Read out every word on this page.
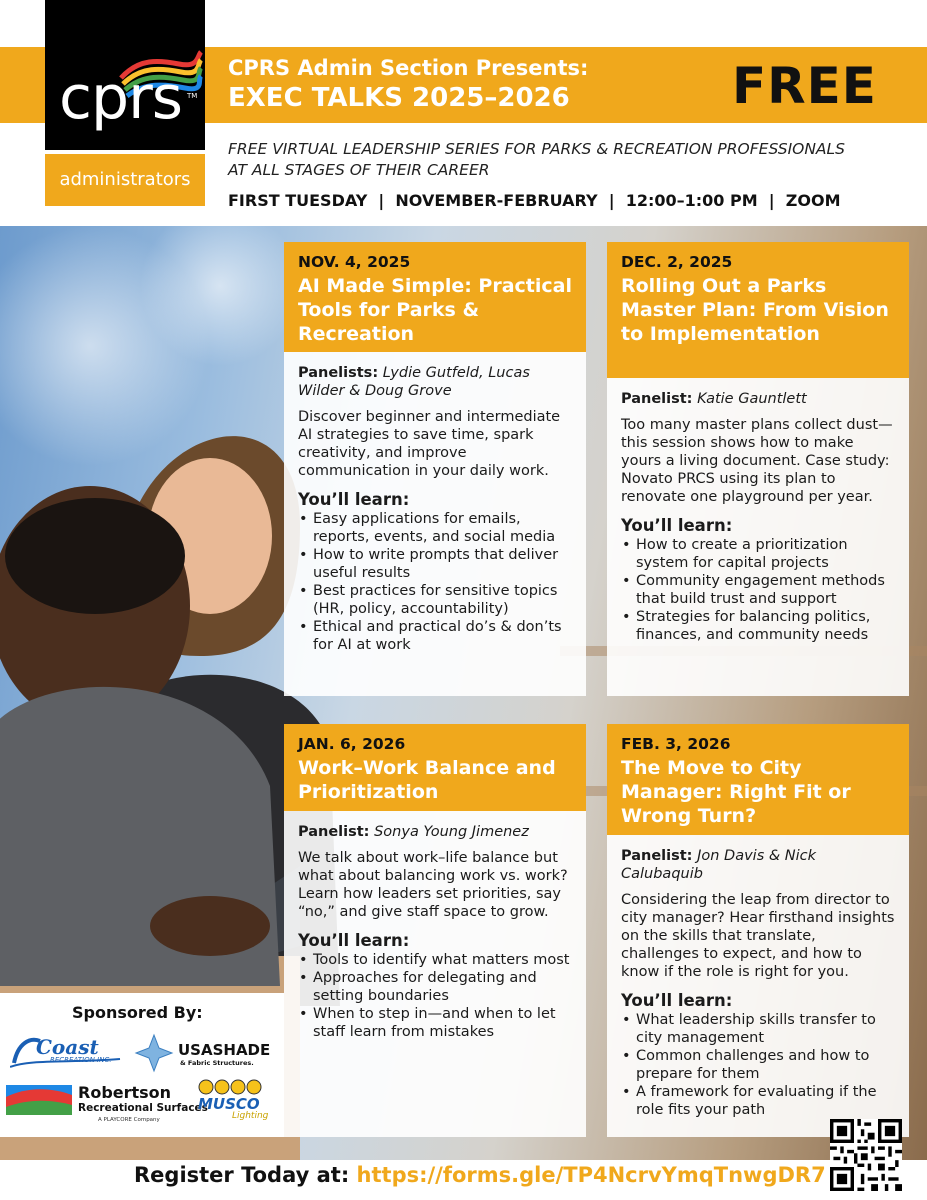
cprs TM
administrators
CPRS Admin Section Presents:
EXEC TALKS 2025–2026	FREE
FREE VIRTUAL LEADERSHIP SERIES FOR PARKS & RECREATION PROFESSIONALS AT ALL STAGES OF THEIR CAREER
FIRST TUESDAY  |  NOVEMBER-FEBRUARY  |  12:00–1:00 PM  |  ZOOM
NOV. 4, 2025
AI Made Simple: Practical Tools for Parks & Recreation
Panelists: Lydie Gutfeld, Lucas Wilder & Doug Grove
Discover beginner and intermediate AI strategies to save time, spark creativity, and improve communication in your daily work.
You’ll learn:
• Easy applications for emails, reports, events, and social media
• How to write prompts that deliver useful results
• Best practices for sensitive topics (HR, policy, accountability)
• Ethical and practical do’s & don’ts for AI at work
DEC. 2, 2025
Rolling Out a Parks Master Plan: From Vision to Implementation
Panelist: Katie Gauntlett
Too many master plans collect dust—this session shows how to make yours a living document. Case study: Novato PRCS using its plan to renovate one playground per year.
You’ll learn:
• How to create a prioritization system for capital projects
• Community engagement methods that build trust and support
• Strategies for balancing politics, finances, and community needs
JAN. 6, 2026
Work–Work Balance and Prioritization
Panelist: Sonya Young Jimenez
We talk about work–life balance but what about balancing work vs. work? Learn how leaders set priorities, say “no,” and give staff space to grow.
You’ll learn:
• Tools to identify what matters most
• Approaches for delegating and setting boundaries
• When to step in—and when to let staff learn from mistakes
FEB. 3, 2026
The Move to City Manager: Right Fit or Wrong Turn?
Panelist: Jon Davis & Nick Calubaquib
Considering the leap from director to city manager? Hear firsthand insights on the skills that translate, challenges to expect, and how to know if the role is right for you.
You’ll learn:
• What leadership skills transfer to city management
• Common challenges and how to prepare for them
• A framework for evaluating if the role fits your path
Sponsored By:
Coast
RECREATION INC.
USASHADE
& Fabric Structures.
Robertson
Recreational Surfaces
A PLAYCORE Company
MUSCO
Lighting
Register Today at: https://forms.gle/TP4NcrvYmqTnwgDR7
